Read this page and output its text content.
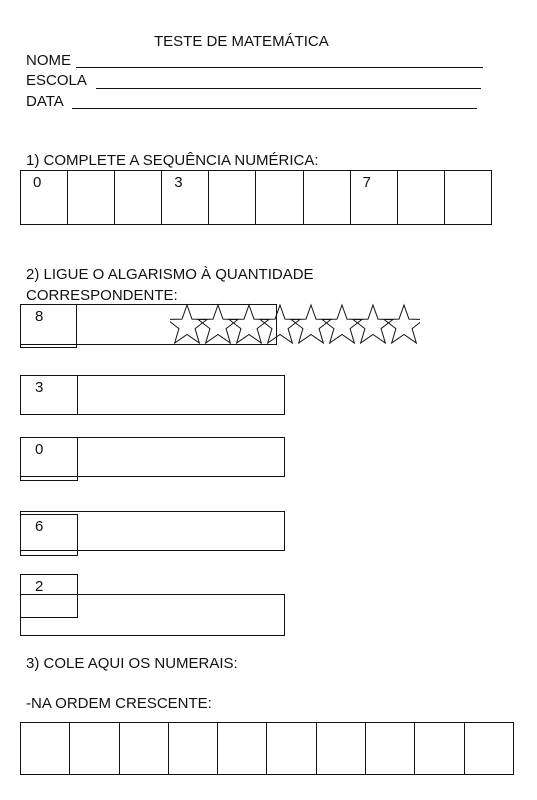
TESTE DE MATEMÁTICA
NOME
ESCOLA
DATA
1) COMPLETE A SEQUÊNCIA NUMÉRICA:
0	3	7
2) LIGUE O ALGARISMO À QUANTIDADE
CORRESPONDENTE:
8
3
0
6
2
3) COLE AQUI OS NUMERAIS:
-NA ORDEM CRESCENTE:
